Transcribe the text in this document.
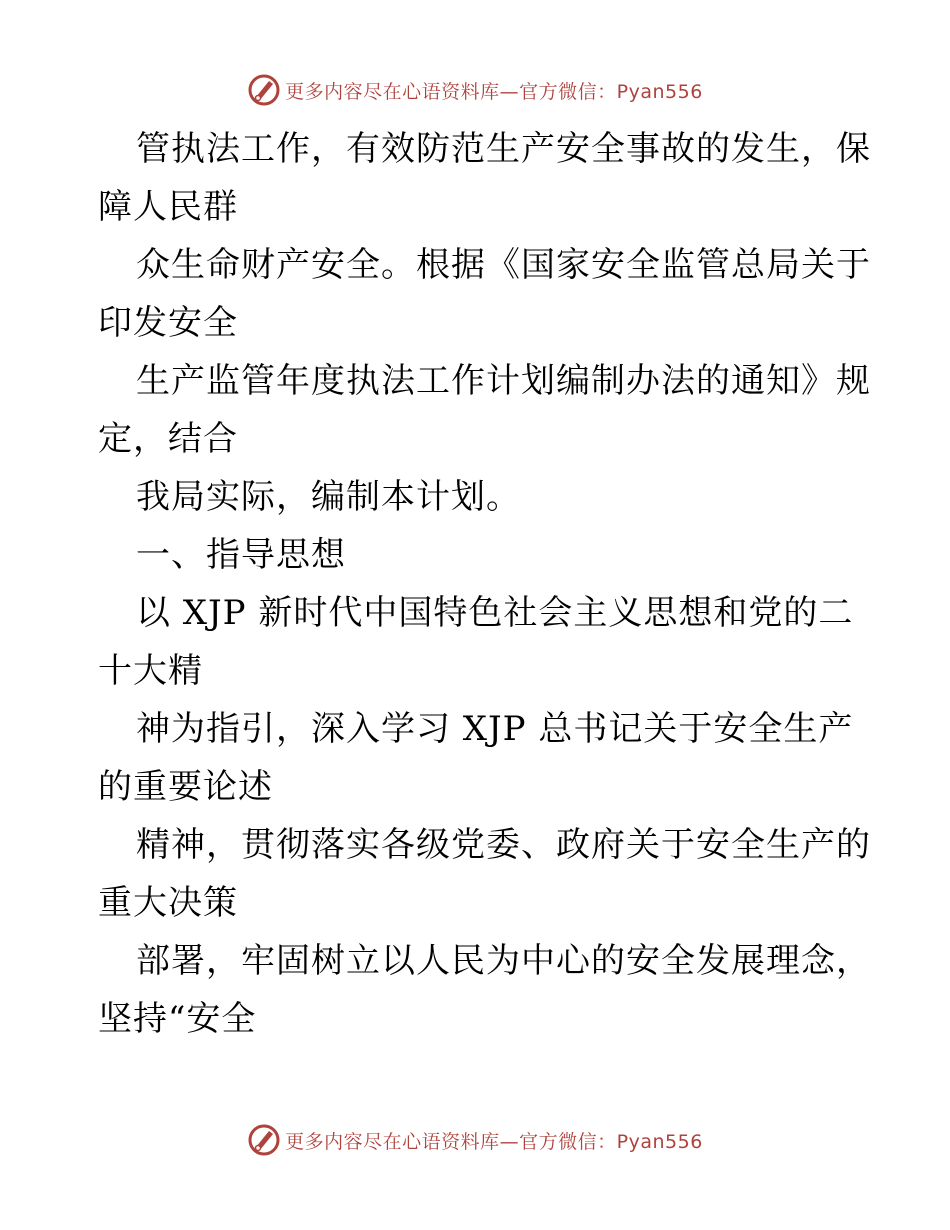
更多内容尽在心语资料库—官方微信：Pyan556
管执法工作，有效防范生产安全事故的发生，保
障人民群
众生命财产安全。根据《国家安全监管总局关于
印发安全
生产监管年度执法工作计划编制办法的通知》规
定，结合
我局实际，编制本计划。
一、指导思想
以 XJP 新时代中国特色社会主义思想和党的二
十大精
神为指引，深入学习 XJP 总书记关于安全生产
的重要论述
精神，贯彻落实各级党委、政府关于安全生产的
重大决策
部署，牢固树立以人民为中心的安全发展理念，
坚持“安全
更多内容尽在心语资料库—官方微信：Pyan556
